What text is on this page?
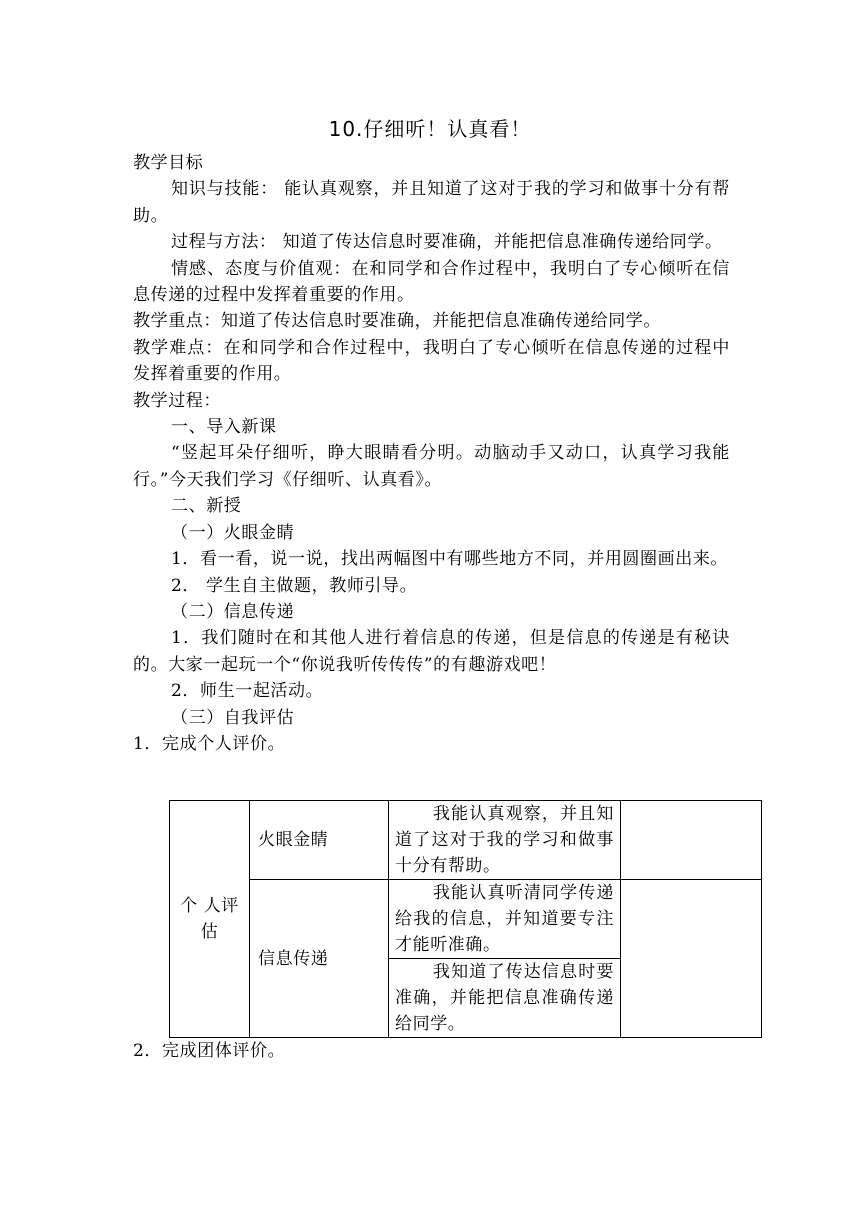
10.仔细听！认真看！

教学目标

知识与技能： 能认真观察，并且知道了这对于我的学习和做事十分有帮助。

过程与方法： 知道了传达信息时要准确，并能把信息准确传递给同学。

情感、态度与价值观：在和同学和合作过程中，我明白了专心倾听在信息传递的过程中发挥着重要的作用。

教学重点：知道了传达信息时要准确，并能把信息准确传递给同学。

教学难点：在和同学和合作过程中，我明白了专心倾听在信息传递的过程中发挥着重要的作用。

教学过程：

一、导入新课

“竖起耳朵仔细听，睁大眼睛看分明。动脑动手又动口，认真学习我能行。”今天我们学习《仔细听、认真看》。

二、新授

（一）火眼金睛

1．看一看，说一说，找出两幅图中有哪些地方不同，并用圆圈画出来。

2． 学生自主做题，教师引导。

（二）信息传递

1．我们随时在和其他人进行着信息的传递，但是信息的传递是有秘诀的。大家一起玩一个“你说我听传传传”的有趣游戏吧！

2．师生一起活动。

（三）自我评估

1．完成个人评价。

个 人评估	火眼金睛	我能认真观察，并且知道了这对于我的学习和做事十分有帮助。	

	信息传递	我能认真听清同学传递给我的信息，并知道要专注才能听准确。	

		我知道了传达信息时要准确，并能把信息准确传递给同学。	
2．完成团体评价。
